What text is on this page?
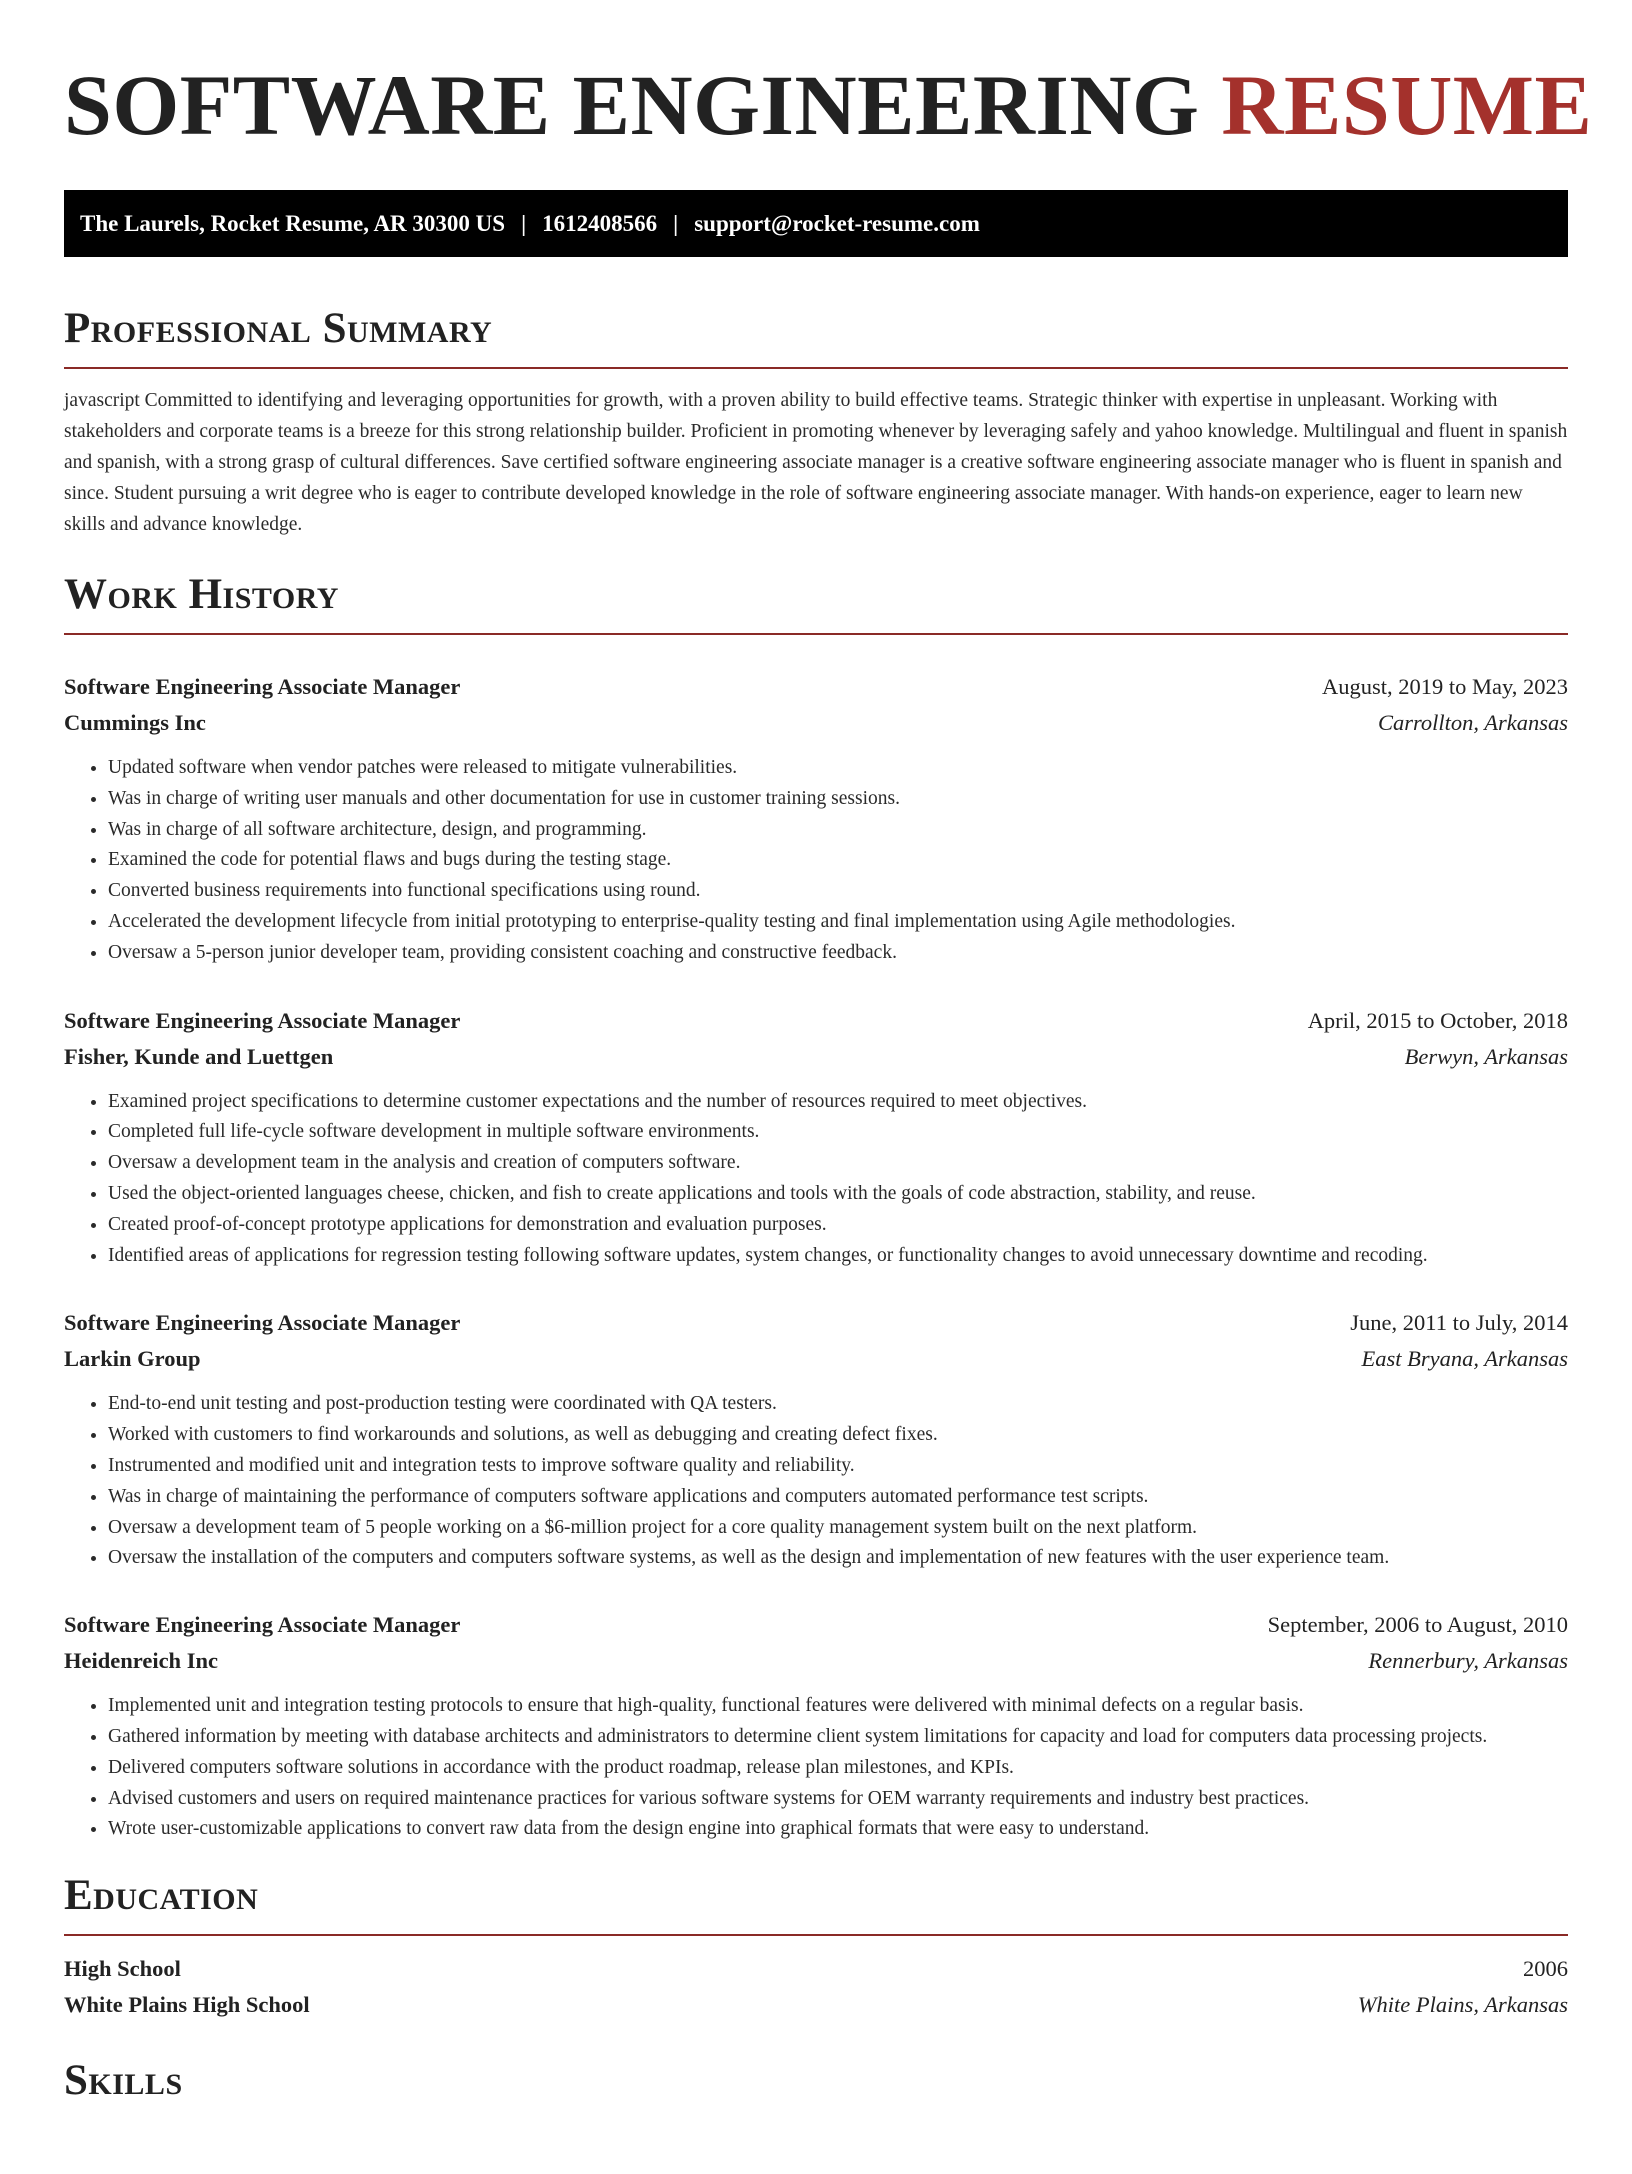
SOFTWARE ENGINEERING RESUME
The Laurels, Rocket Resume, AR 30300 US | 1612408566 | support@rocket-resume.com
Professional Summary

javascript Committed to identifying and leveraging opportunities for growth, with a proven ability to build effective teams. Strategic thinker with expertise in unpleasant. Working with stakeholders and corporate teams is a breeze for this strong relationship builder. Proficient in promoting whenever by leveraging safely and yahoo knowledge. Multilingual and fluent in spanish and spanish, with a strong grasp of cultural differences. Save certified software engineering associate manager is a creative software engineering associate manager who is fluent in spanish and since. Student pursuing a writ degree who is eager to contribute developed knowledge in the role of software engineering associate manager. With hands-on experience, eager to learn new skills and advance knowledge.

Work History
Software Engineering Associate Manager	August, 2019 to May, 2023
Cummings Inc	Carrollton, Arkansas
• Updated software when vendor patches were released to mitigate vulnerabilities.
• Was in charge of writing user manuals and other documentation for use in customer training sessions.
• Was in charge of all software architecture, design, and programming.
• Examined the code for potential flaws and bugs during the testing stage.
• Converted business requirements into functional specifications using round.
• Accelerated the development lifecycle from initial prototyping to enterprise-quality testing and final implementation using Agile methodologies.
• Oversaw a 5-person junior developer team, providing consistent coaching and constructive feedback.
Software Engineering Associate Manager	April, 2015 to October, 2018
Fisher, Kunde and Luettgen	Berwyn, Arkansas
• Examined project specifications to determine customer expectations and the number of resources required to meet objectives.
• Completed full life-cycle software development in multiple software environments.
• Oversaw a development team in the analysis and creation of computers software.
• Used the object-oriented languages cheese, chicken, and fish to create applications and tools with the goals of code abstraction, stability, and reuse.
• Created proof-of-concept prototype applications for demonstration and evaluation purposes.
• Identified areas of applications for regression testing following software updates, system changes, or functionality changes to avoid unnecessary downtime and recoding.
Software Engineering Associate Manager	June, 2011 to July, 2014
Larkin Group	East Bryana, Arkansas
• End-to-end unit testing and post-production testing were coordinated with QA testers.
• Worked with customers to find workarounds and solutions, as well as debugging and creating defect fixes.
• Instrumented and modified unit and integration tests to improve software quality and reliability.
• Was in charge of maintaining the performance of computers software applications and computers automated performance test scripts.
• Oversaw a development team of 5 people working on a $6-million project for a core quality management system built on the next platform.
• Oversaw the installation of the computers and computers software systems, as well as the design and implementation of new features with the user experience team.
Software Engineering Associate Manager	September, 2006 to August, 2010
Heidenreich Inc	Rennerbury, Arkansas
• Implemented unit and integration testing protocols to ensure that high-quality, functional features were delivered with minimal defects on a regular basis.
• Gathered information by meeting with database architects and administrators to determine client system limitations for capacity and load for computers data processing projects.
• Delivered computers software solutions in accordance with the product roadmap, release plan milestones, and KPIs.
• Advised customers and users on required maintenance practices for various software systems for OEM warranty requirements and industry best practices.
• Wrote user-customizable applications to convert raw data from the design engine into graphical formats that were easy to understand.
Education
High School	2006
White Plains High School	White Plains, Arkansas
Skills
